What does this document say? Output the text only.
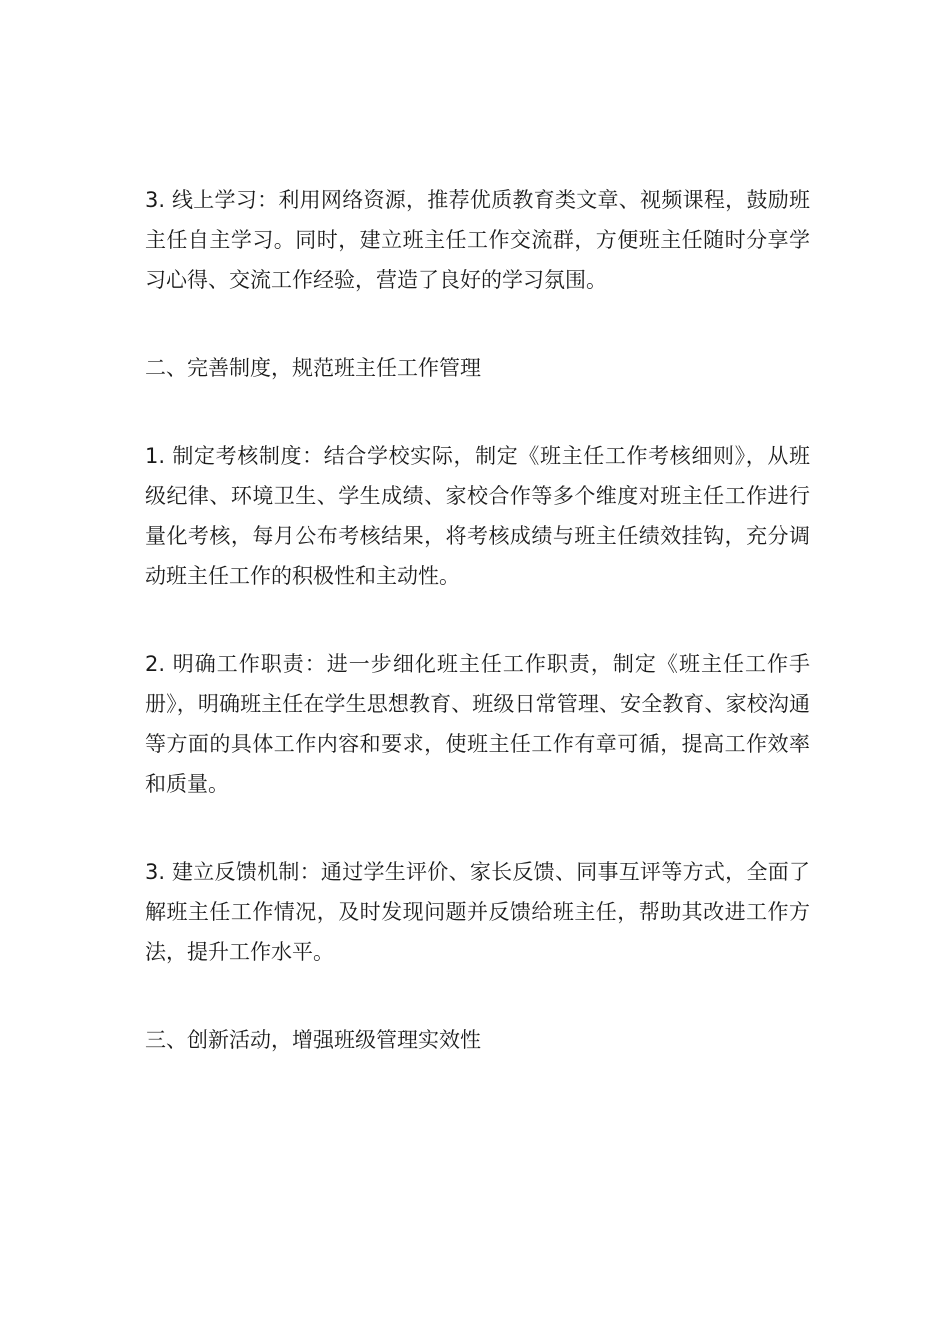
3. 线上学习：利用网络资源，推荐优质教育类文章、视频课程，鼓励班主任自主学习。同时，建立班主任工作交流群，方便班主任随时分享学习心得、交流工作经验，营造了良好的学习氛围。

二、完善制度，规范班主任工作管理

1. 制定考核制度：结合学校实际，制定《班主任工作考核细则》，从班级纪律、环境卫生、学生成绩、家校合作等多个维度对班主任工作进行量化考核，每月公布考核结果，将考核成绩与班主任绩效挂钩，充分调动班主任工作的积极性和主动性。

2. 明确工作职责：进一步细化班主任工作职责，制定《班主任工作手册》，明确班主任在学生思想教育、班级日常管理、安全教育、家校沟通等方面的具体工作内容和要求，使班主任工作有章可循，提高工作效率和质量。

3. 建立反馈机制：通过学生评价、家长反馈、同事互评等方式，全面了解班主任工作情况，及时发现问题并反馈给班主任，帮助其改进工作方法，提升工作水平。

三、创新活动，增强班级管理实效性
